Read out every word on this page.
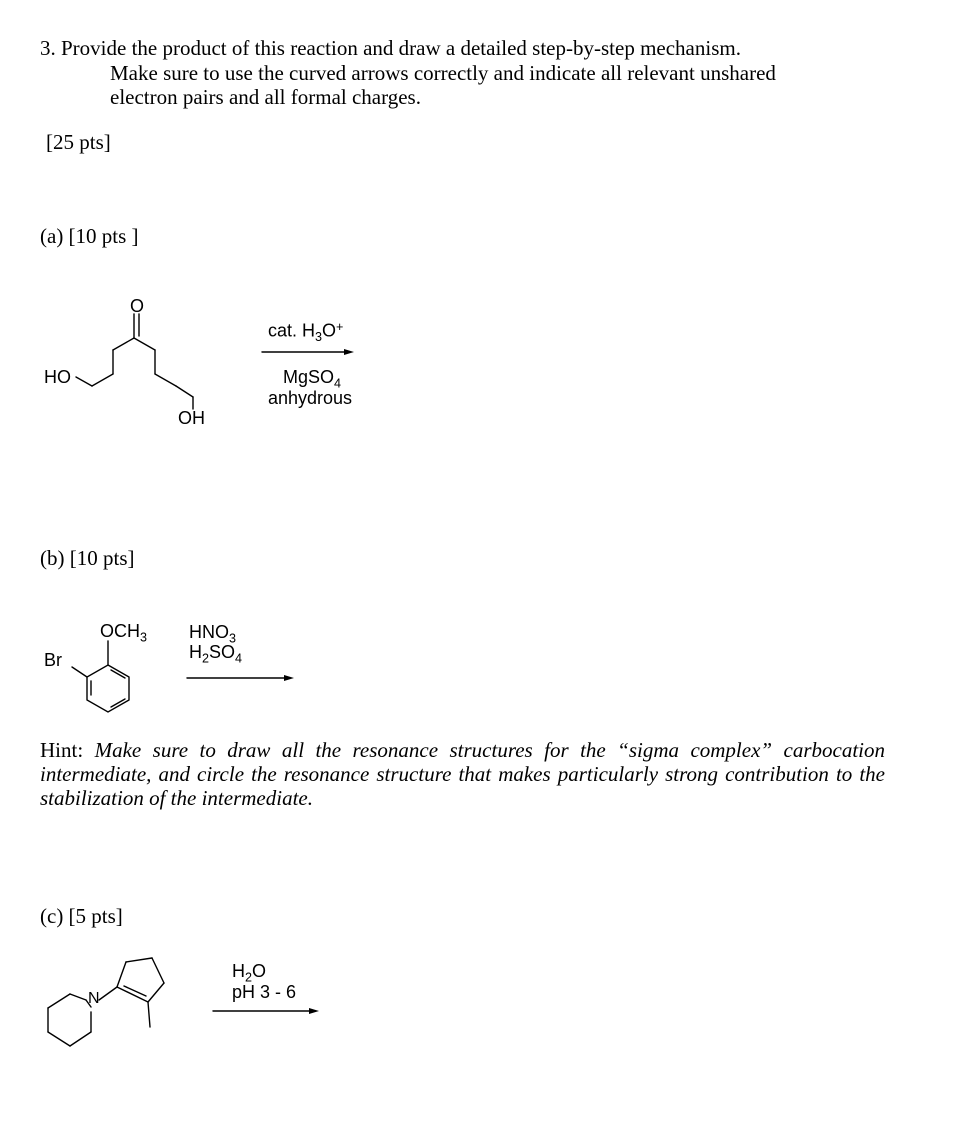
3. Provide the product of this reaction and draw a detailed step-by-step mechanism.
Make sure to use the curved arrows correctly and indicate all relevant unshared
electron pairs and all formal charges.
[25 pts]
(a) [10 pts ]
O
HO
OH
cat. $H_3O^+$
MgSO$_4$
anhydrous
(b) [10 pts]
$OCH_3$
Br
$HNO_3$
$H_2SO_4$
Hint: Make sure to draw all the resonance structures for the “sigma complex” carbocation intermediate, and circle the resonance structure that makes particularly strong contribution to the stabilization of the intermediate.
(c) [5 pts]
N
$H_2O$
pH 3 - 6
